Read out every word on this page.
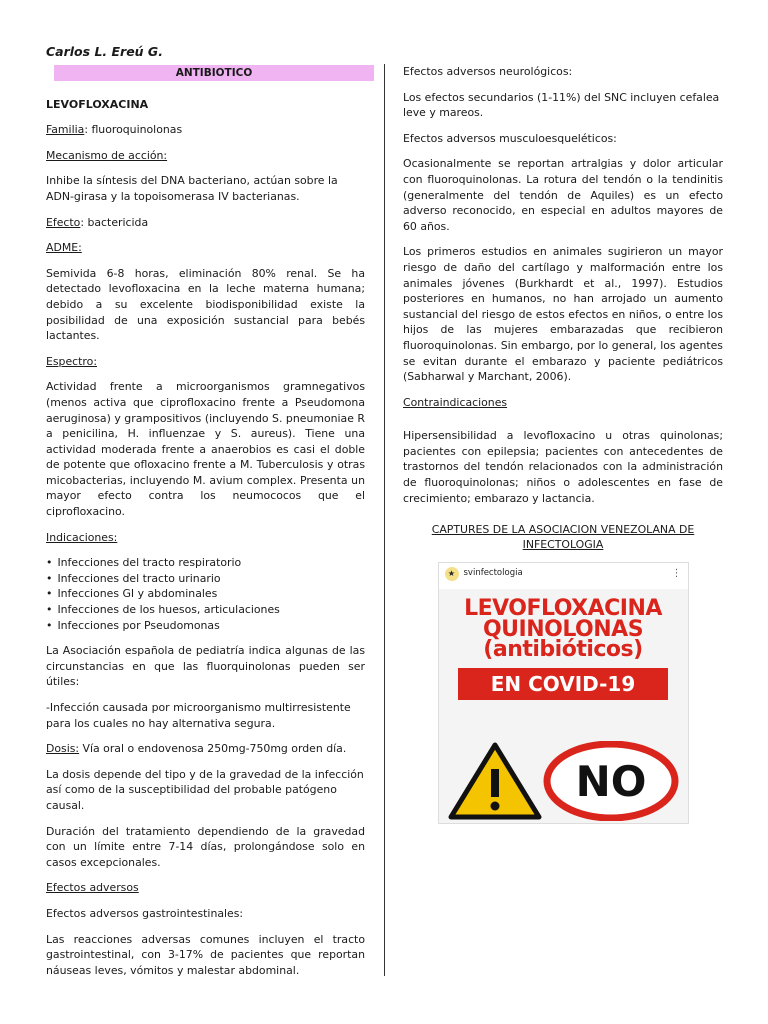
Carlos L. Ereú G.
ANTIBIOTICO
LEVOFLOXACINA

Familia: fluoroquinolonas

Mecanismo de acción:

Inhibe la síntesis del DNA bacteriano, actúan sobre la ADN-girasa y la topoisomerasa IV bacterianas.

Efecto: bactericida

ADME:

Semivida 6-8 horas, eliminación 80% renal. Se ha detectado levofloxacina en la leche materna humana; debido a su excelente biodisponibilidad existe la posibilidad de una exposición sustancial para bebés lactantes.

Espectro:

Actividad frente a microorganismos gramnegativos (menos activa que ciprofloxacino frente a Pseudomona aeruginosa) y grampositivos (incluyendo S. pneumoniae R a penicilina, H. influenzae y S. aureus). Tiene una actividad moderada frente a anaerobios es casi el doble de potente que ofloxacino frente a M. Tuberculosis y otras micobacterias, incluyendo M. avium complex. Presenta un mayor efecto contra los neumococos que el ciprofloxacino.

Indicaciones:

• Infecciones del tracto respiratorio
• Infecciones del tracto urinario
• Infecciones GI y abdominales
• Infecciones de los huesos, articulaciones
• Infecciones por Pseudomonas

La Asociación española de pediatría indica algunas de las circunstancias en que las fluorquinolonas pueden ser útiles:

-Infección causada por microorganismo multirresistente para los cuales no hay alternativa segura.

Dosis: Vía oral o endovenosa 250mg-750mg orden día.

La dosis depende del tipo y de la gravedad de la infección así como de la susceptibilidad del probable patógeno causal.

Duración del tratamiento dependiendo de la gravedad con un límite entre 7-14 días, prolongándose solo en casos excepcionales.

Efectos adversos

Efectos adversos gastrointestinales:

Las reacciones adversas comunes incluyen el tracto gastrointestinal, con 3-17% de pacientes que reportan náuseas leves, vómitos y malestar abdominal.

Efectos adversos neurológicos:

Los efectos secundarios (1-11%) del SNC incluyen cefalea leve y mareos.

Efectos adversos musculoesqueléticos:

Ocasionalmente se reportan artralgias y dolor articular con fluoroquinolonas. La rotura del tendón o la tendinitis (generalmente del tendón de Aquiles) es un efecto adverso reconocido, en especial en adultos mayores de 60 años.

Los primeros estudios en animales sugirieron un mayor riesgo de daño del cartílago y malformación entre los animales jóvenes (Burkhardt et al., 1997). Estudios posteriores en humanos, no han arrojado un aumento sustancial del riesgo de estos efectos en niños, o entre los hijos de las mujeres embarazadas que recibieron fluoroquinolonas. Sin embargo, por lo general, los agentes se evitan durante el embarazo y paciente pediátricos (Sabharwal y Marchant, 2006).

Contraindicaciones

Hipersensibilidad a levofloxacino u otras quinolonas; pacientes con epilepsia; pacientes con antecedentes de trastornos del tendón relacionados con la administración de fluoroquinolonas; niños o adolescentes en fase de crecimiento; embarazo y lactancia.

CAPTURES DE LA ASOCIACION VENEZOLANA DE INFECTOLOGIA
★ svinfectologia	⋮
LEVOFLOXACINA
QUINOLONAS
(antibióticos)
EN COVID-19
NO
